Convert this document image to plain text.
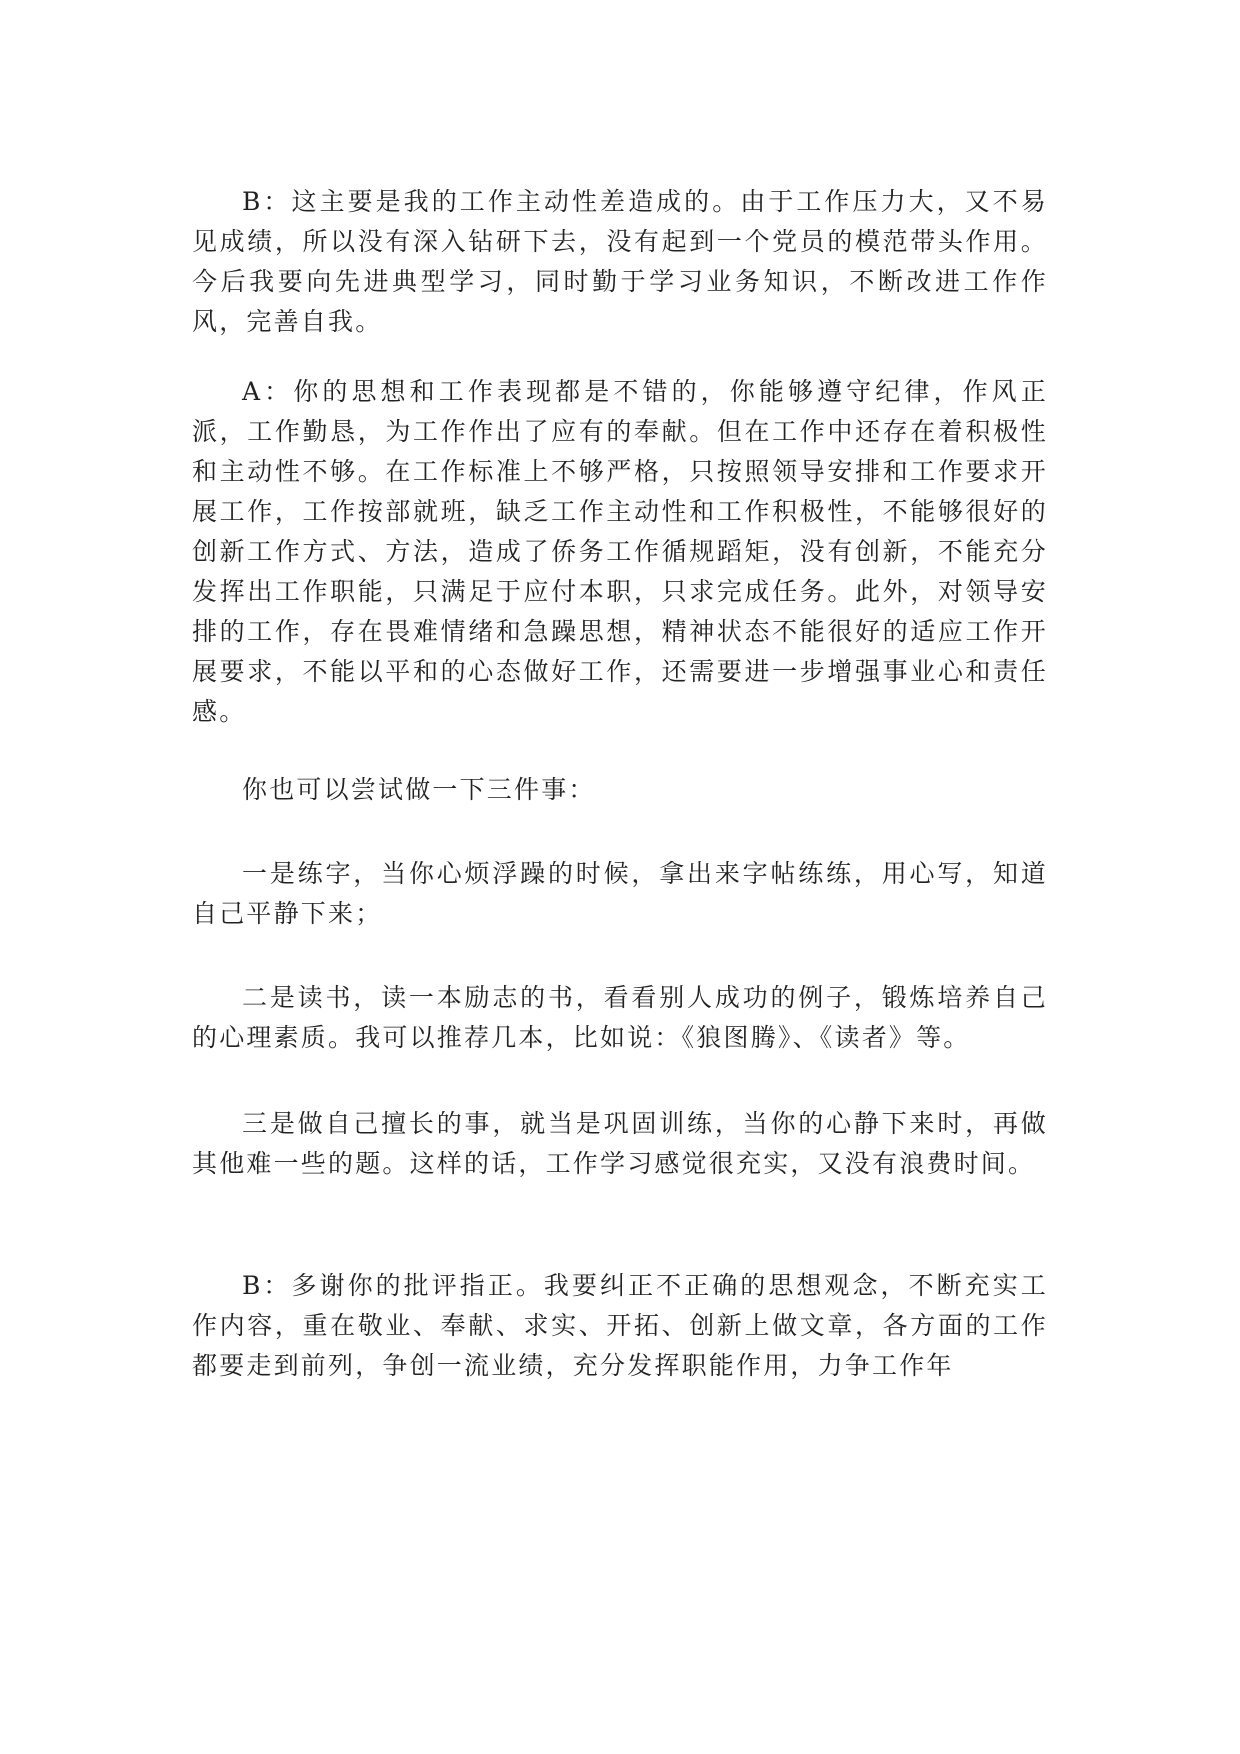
B：这主要是我的工作主动性差造成的。由于工作压力大，又不易见成绩，所以没有深入钻研下去，没有起到一个党员的模范带头作用。今后我要向先进典型学习，同时勤于学习业务知识，不断改进工作作风，完善自我。

A：你的思想和工作表现都是不错的，你能够遵守纪律，作风正派，工作勤恳，为工作作出了应有的奉献。但在工作中还存在着积极性和主动性不够。在工作标准上不够严格，只按照领导安排和工作要求开展工作，工作按部就班，缺乏工作主动性和工作积极性，不能够很好的创新工作方式、方法，造成了侨务工作循规蹈矩，没有创新，不能充分发挥出工作职能，只满足于应付本职，只求完成任务。此外，对领导安排的工作，存在畏难情绪和急躁思想，精神状态不能很好的适应工作开展要求，不能以平和的心态做好工作，还需要进一步增强事业心和责任感。

你也可以尝试做一下三件事：

一是练字，当你心烦浮躁的时候，拿出来字帖练练，用心写，知道自己平静下来；

二是读书，读一本励志的书，看看别人成功的例子，锻炼培养自己的心理素质。我可以推荐几本，比如说：《狼图腾》、《读者》等。

三是做自己擅长的事，就当是巩固训练，当你的心静下来时，再做其他难一些的题。这样的话，工作学习感觉很充实，又没有浪费时间。

B：多谢你的批评指正。我要纠正不正确的思想观念，不断充实工作内容，重在敬业、奉献、求实、开拓、创新上做文章，各方面的工作都要走到前列，争创一流业绩，充分发挥职能作用，力争工作年
